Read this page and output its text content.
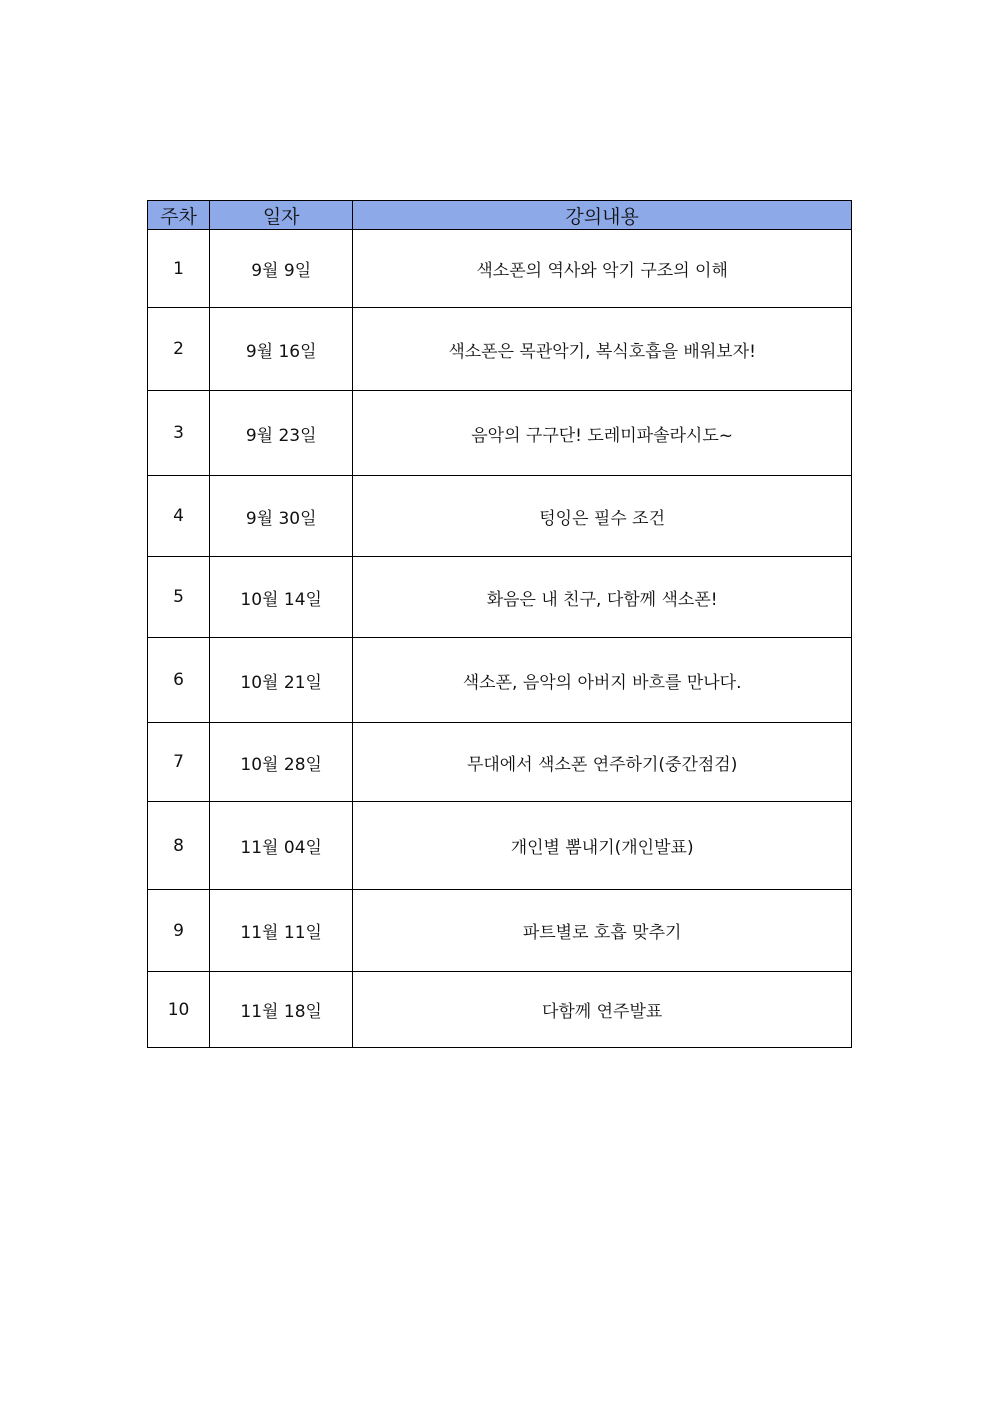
주차	일자	강의내용
1	9월 9일	색소폰의 역사와 악기 구조의 이해
2	9월 16일	색소폰은 목관악기, 복식호흡을 배워보자!
3	9월 23일	음악의 구구단! 도레미파솔라시도~
4	9월 30일	텅잉은 필수 조건
5	10월 14일	화음은 내 친구, 다함께 색소폰!
6	10월 21일	색소폰, 음악의 아버지 바흐를 만나다.
7	10월 28일	무대에서 색소폰 연주하기(중간점검)
8	11월 04일	개인별 뽐내기(개인발표)
9	11월 11일	파트별로 호흡 맞추기
10	11월 18일	다함께 연주발표
